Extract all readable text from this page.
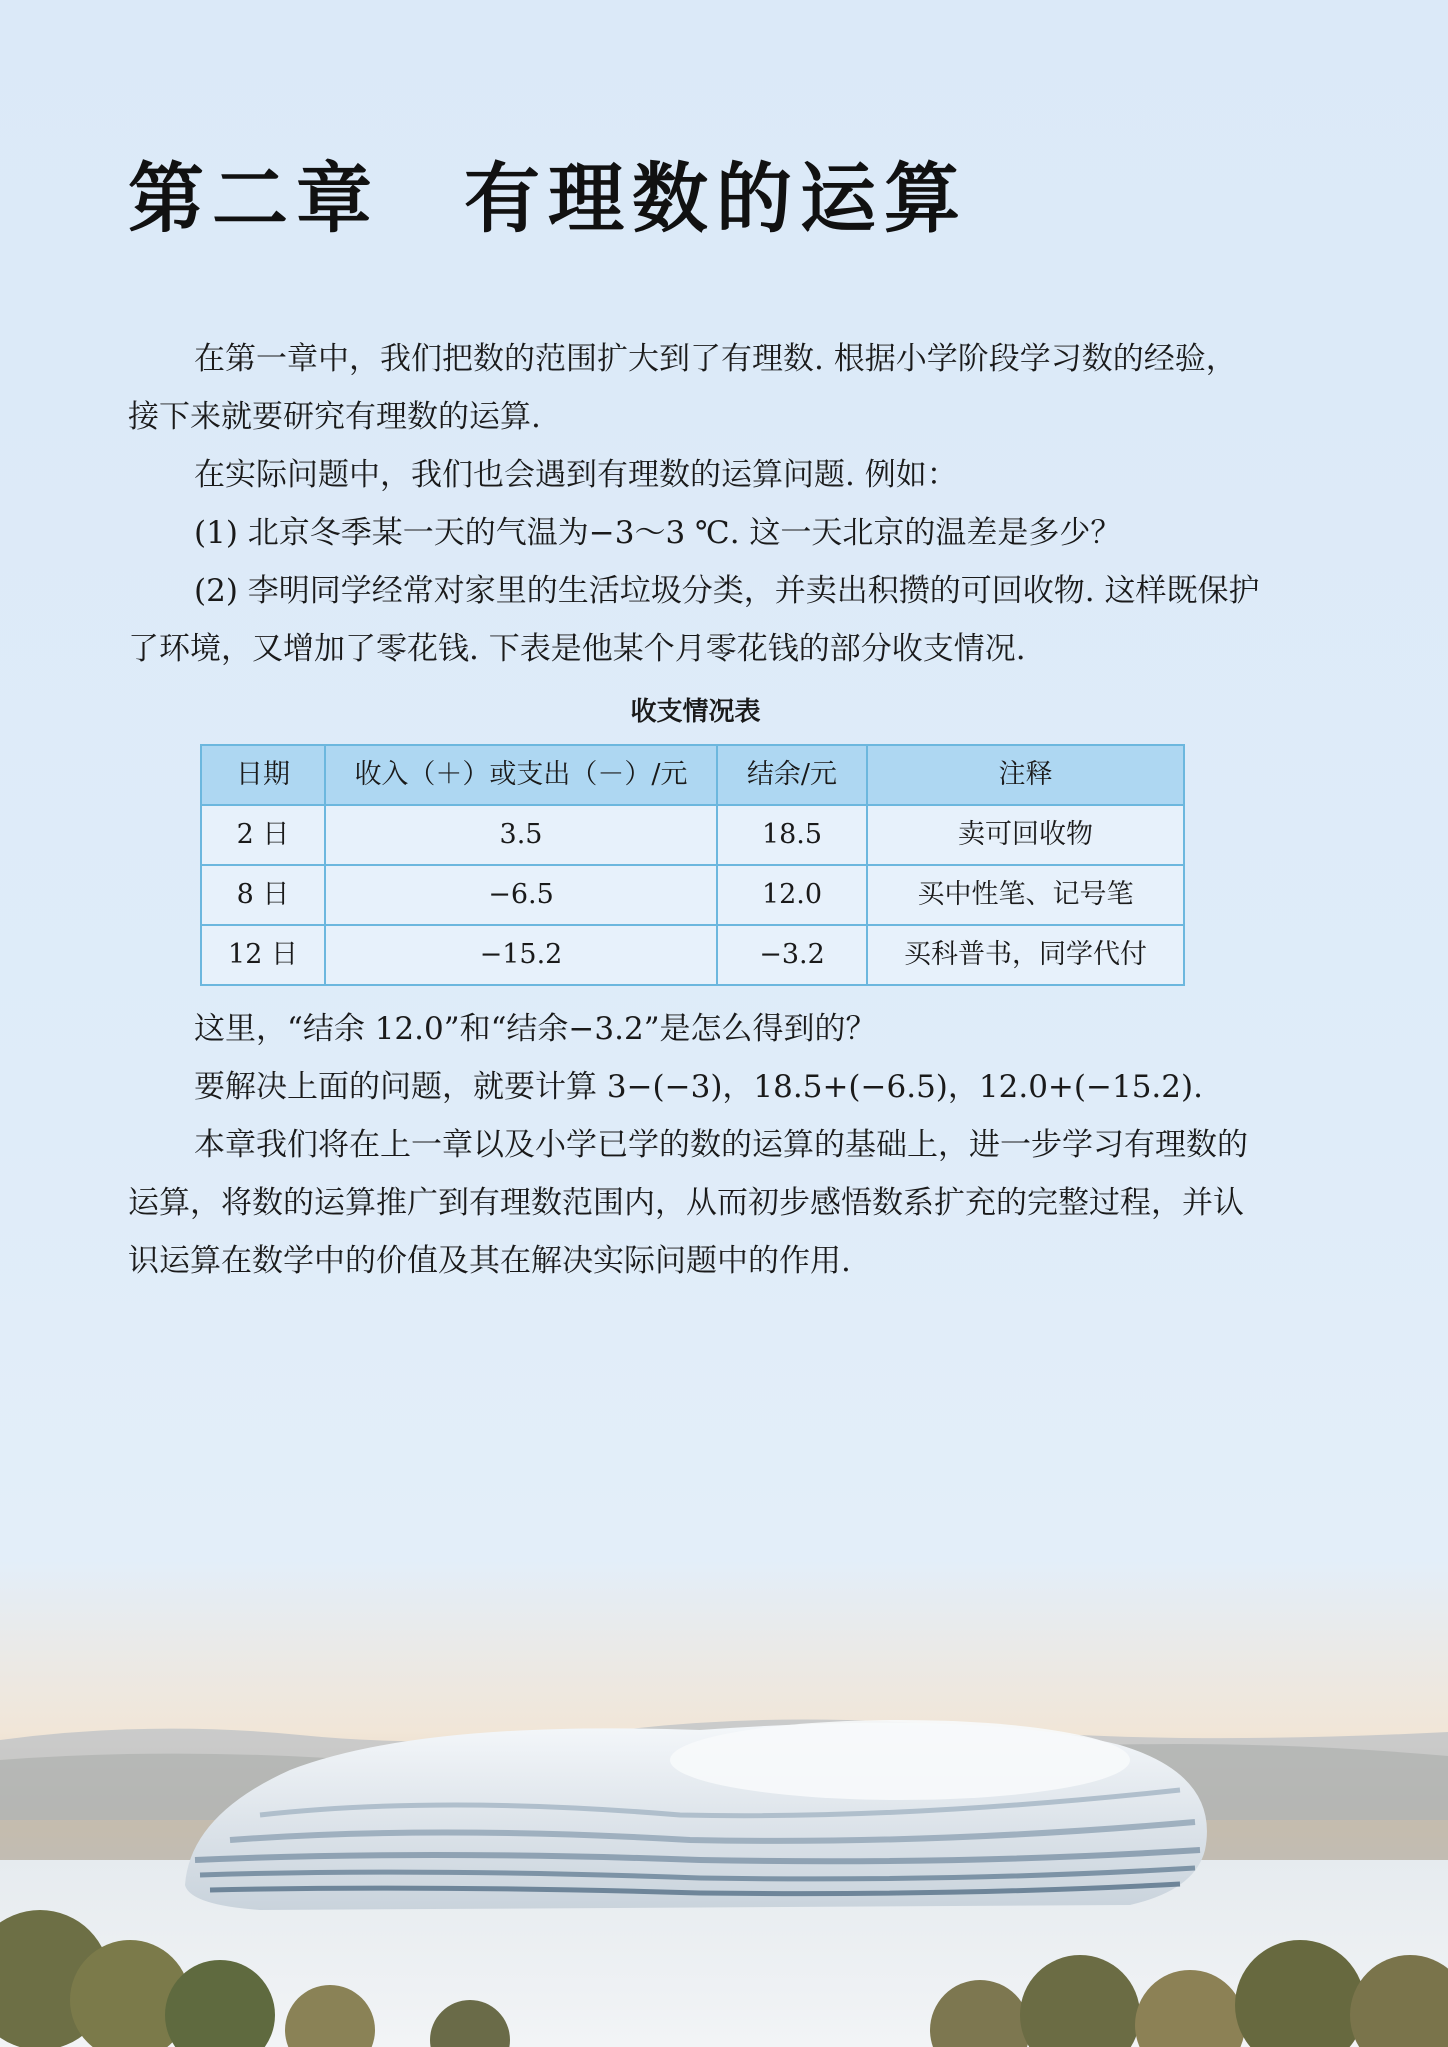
第二章　有理数的运算

在第一章中，我们把数的范围扩大到了有理数. 根据小学阶段学习数的经验，接下来就要研究有理数的运算.

在实际问题中，我们也会遇到有理数的运算问题. 例如：

(1) 北京冬季某一天的气温为−3～3 ℃. 这一天北京的温差是多少？

(2) 李明同学经常对家里的生活垃圾分类，并卖出积攒的可回收物. 这样既保护了环境，又增加了零花钱. 下表是他某个月零花钱的部分收支情况.

收支情况表
日期	收入（＋）或支出（－）/元	结余/元	注释
2 日	3.5	18.5	卖可回收物
8 日	−6.5	12.0	买中性笔、记号笔
12 日	−15.2	−3.2	买科普书，同学代付

这里，“结余 12.0”和“结余−3.2”是怎么得到的？

要解决上面的问题，就要计算 3−(−3)，18.5+(−6.5)，12.0+(−15.2).

本章我们将在上一章以及小学已学的数的运算的基础上，进一步学习有理数的运算，将数的运算推广到有理数范围内，从而初步感悟数系扩充的完整过程，并认识运算在数学中的价值及其在解决实际问题中的作用.
